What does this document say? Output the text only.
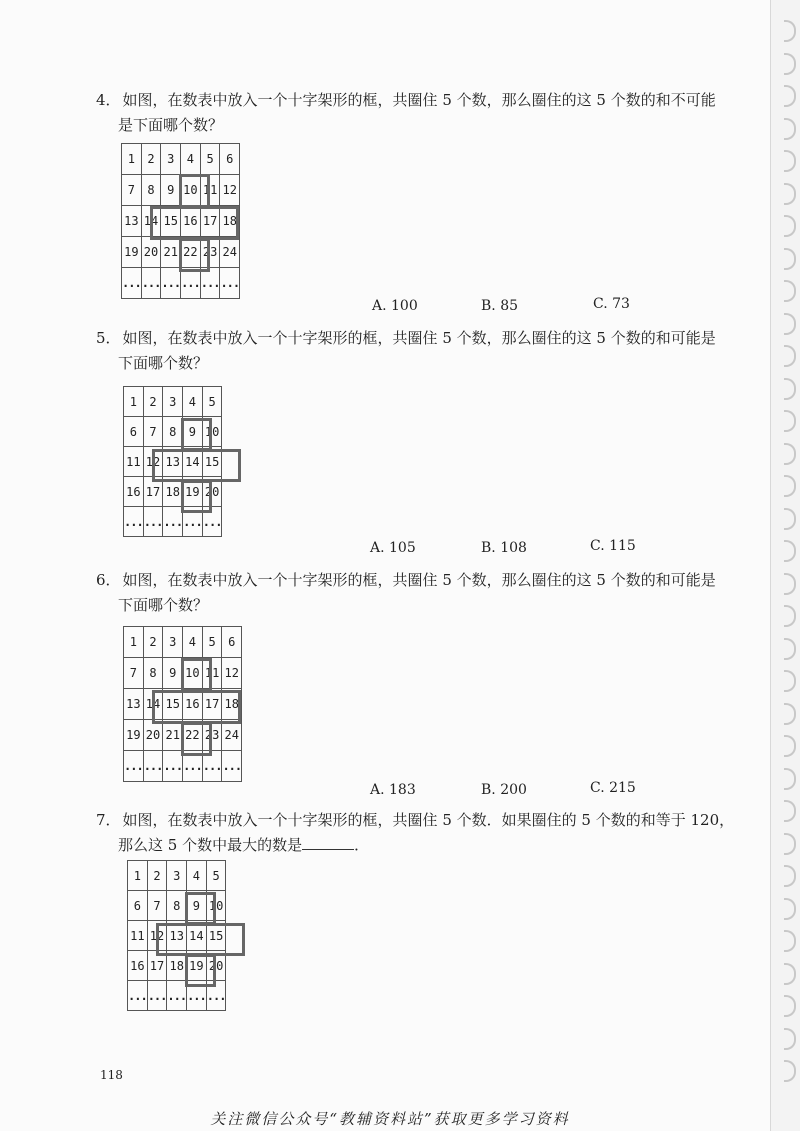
4． 如图，在数表中放入一个十字架形的框，共圈住 5 个数，那么圈住的这 5 个数的和不可能
是下面哪个数？
1	2	3	4	5	6
7	8	9	10	11	12
13	14	15	16	17	18
19	20	21	22	23	24
...	...	...	...	...	...
A. 100	B. 85	C. 73
5． 如图，在数表中放入一个十字架形的框，共圈住 5 个数，那么圈住的这 5 个数的和可能是
下面哪个数？
1	2	3	4	5
6	7	8	9	10
11	12	13	14	15
16	17	18	19	20
...	...	...	...	...
A. 105	B. 108	C. 115
6． 如图，在数表中放入一个十字架形的框，共圈住 5 个数，那么圈住的这 5 个数的和可能是
下面哪个数？
1	2	3	4	5	6
7	8	9	10	11	12
13	14	15	16	17	18
19	20	21	22	23	24
...	...	...	...	...	...
A. 183	B. 200	C. 215
7． 如图，在数表中放入一个十字架形的框，共圈住 5 个数．如果圈住的 5 个数的和等于 120，
那么这 5 个数中最大的数是	．
1	2	3	4	5
6	7	8	9	10
11	12	13	14	15
16	17	18	19	20
...	...	...	...	...
118
关注微信公众号“教辅资料站”获取更多学习资料
